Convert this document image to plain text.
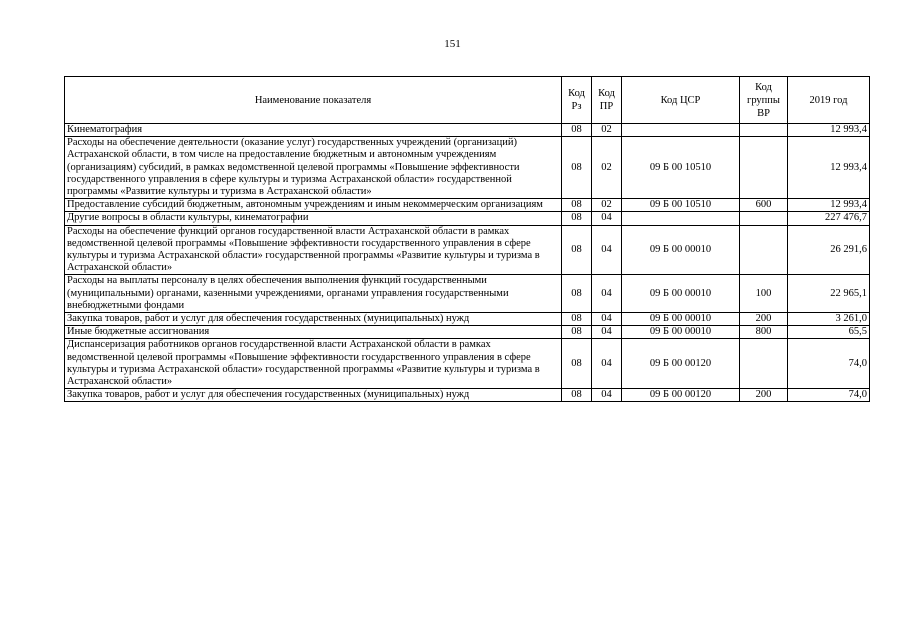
151
Наименование показателя	Код Рз	Код ПР	Код ЦСР	Код группы ВР	2019 год
Кинематография	08	02			12 993,4
Расходы на обеспечение деятельности (оказание услуг) государственных учреждений (организаций) Астраханской области, в том числе на предоставление бюджетным и автономным учреждениям (организациям) субсидий, в рамках ведомственной целевой программы «Повышение эффективности государственного управления в сфере культуры и туризма Астраханской области» государственной программы «Развитие культуры и туризма в Астраханской области»	08	02	09 Б 00 10510		12 993,4
Предоставление субсидий бюджетным, автономным учреждениям и иным некоммерческим организациям	08	02	09 Б 00 10510	600	12 993,4
Другие вопросы в области культуры, кинематографии	08	04			227 476,7
Расходы на обеспечение функций органов государственной власти Астраханской области в рамках ведомственной целевой программы «Повышение эффективности государственного управления в сфере культуры и туризма Астраханской области» государственной программы «Развитие культуры и туризма в Астраханской области»	08	04	09 Б 00 00010		26 291,6
Расходы на выплаты персоналу в целях обеспечения выполнения функций государственными (муниципальными) органами, казенными учреждениями, органами управления государственными внебюджетными фондами	08	04	09 Б 00 00010	100	22 965,1
Закупка товаров, работ и услуг для обеспечения государственных (муниципальных) нужд	08	04	09 Б 00 00010	200	3 261,0
Иные бюджетные ассигнования	08	04	09 Б 00 00010	800	65,5
Диспансеризация работников органов государственной власти Астраханской области в рамках ведомственной целевой программы «Повышение эффективности государственного управления в сфере культуры и туризма Астраханской области» государственной программы «Развитие культуры и туризма в Астраханской области»	08	04	09 Б 00 00120		74,0
Закупка товаров, работ и услуг для обеспечения государственных (муниципальных) нужд	08	04	09 Б 00 00120	200	74,0
